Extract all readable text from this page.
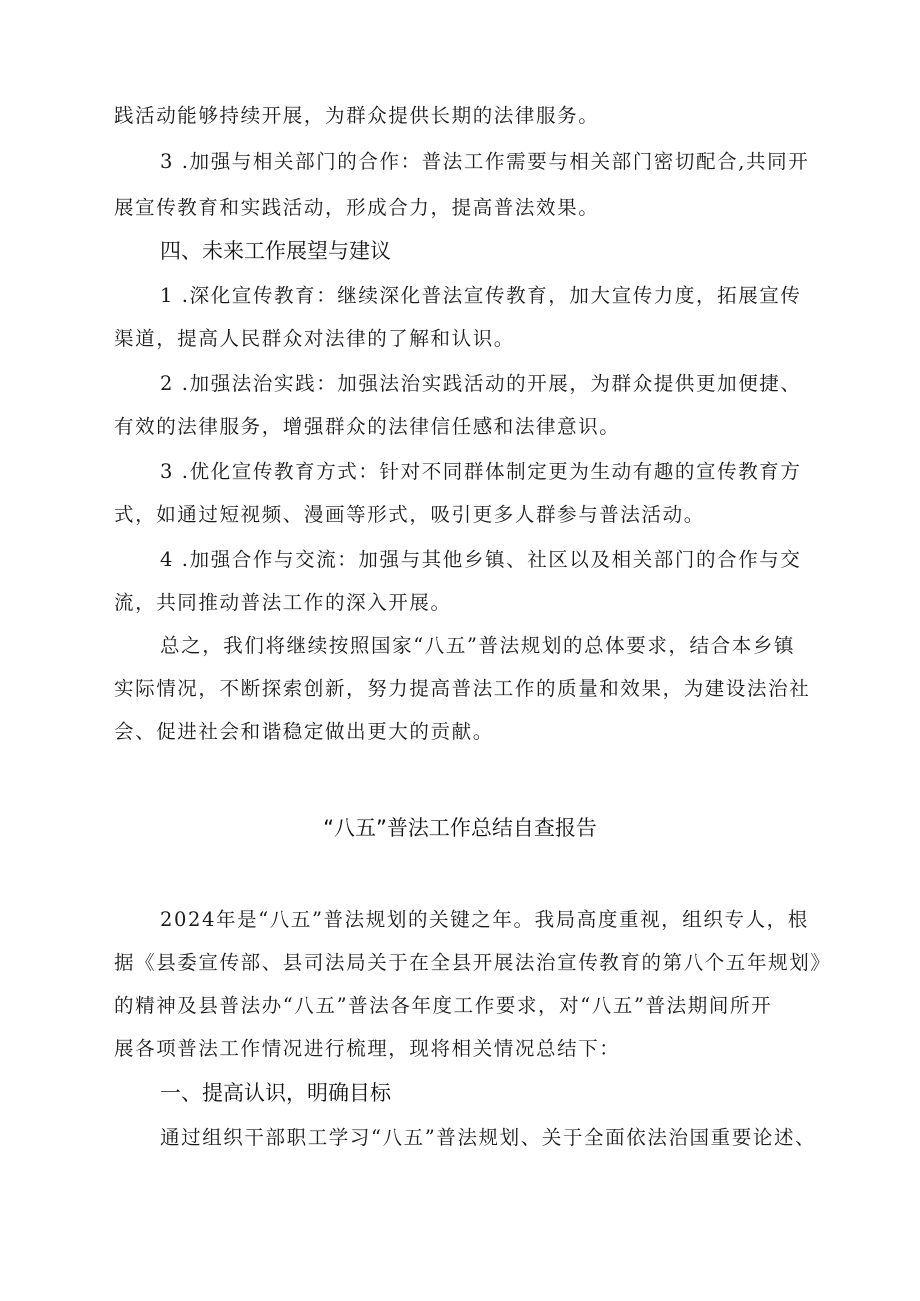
践活动能够持续开展，为群众提供长期的法律服务。
3 .加强与相关部门的合作：普法工作需要与相关部门密切配合,共同开
展宣传教育和实践活动，形成合力，提高普法效果。
四、未来工作展望与建议
1 .深化宣传教育：继续深化普法宣传教育，加大宣传力度，拓展宣传
渠道，提高人民群众对法律的了解和认识。
2 .加强法治实践：加强法治实践活动的开展，为群众提供更加便捷、
有效的法律服务，增强群众的法律信任感和法律意识。
3 .优化宣传教育方式：针对不同群体制定更为生动有趣的宣传教育方
式，如通过短视频、漫画等形式，吸引更多人群参与普法活动。
4 .加强合作与交流：加强与其他乡镇、社区以及相关部门的合作与交
流，共同推动普法工作的深入开展。
总之，我们将继续按照国家“八五”普法规划的总体要求，结合本乡镇
实际情况，不断探索创新，努力提高普法工作的质量和效果，为建设法治社
会、促进社会和谐稳定做出更大的贡献。
“八五”普法工作总结自查报告
2024年是“八五”普法规划的关键之年。我局高度重视，组织专人，根
据《县委宣传部、县司法局关于在全县开展法治宣传教育的第八个五年规划》
的精神及县普法办“八五”普法各年度工作要求，对“八五”普法期间所开
展各项普法工作情况进行梳理，现将相关情况总结下：
一、提高认识，明确目标
通过组织干部职工学习“八五”普法规划、关于全面依法治国重要论述、
